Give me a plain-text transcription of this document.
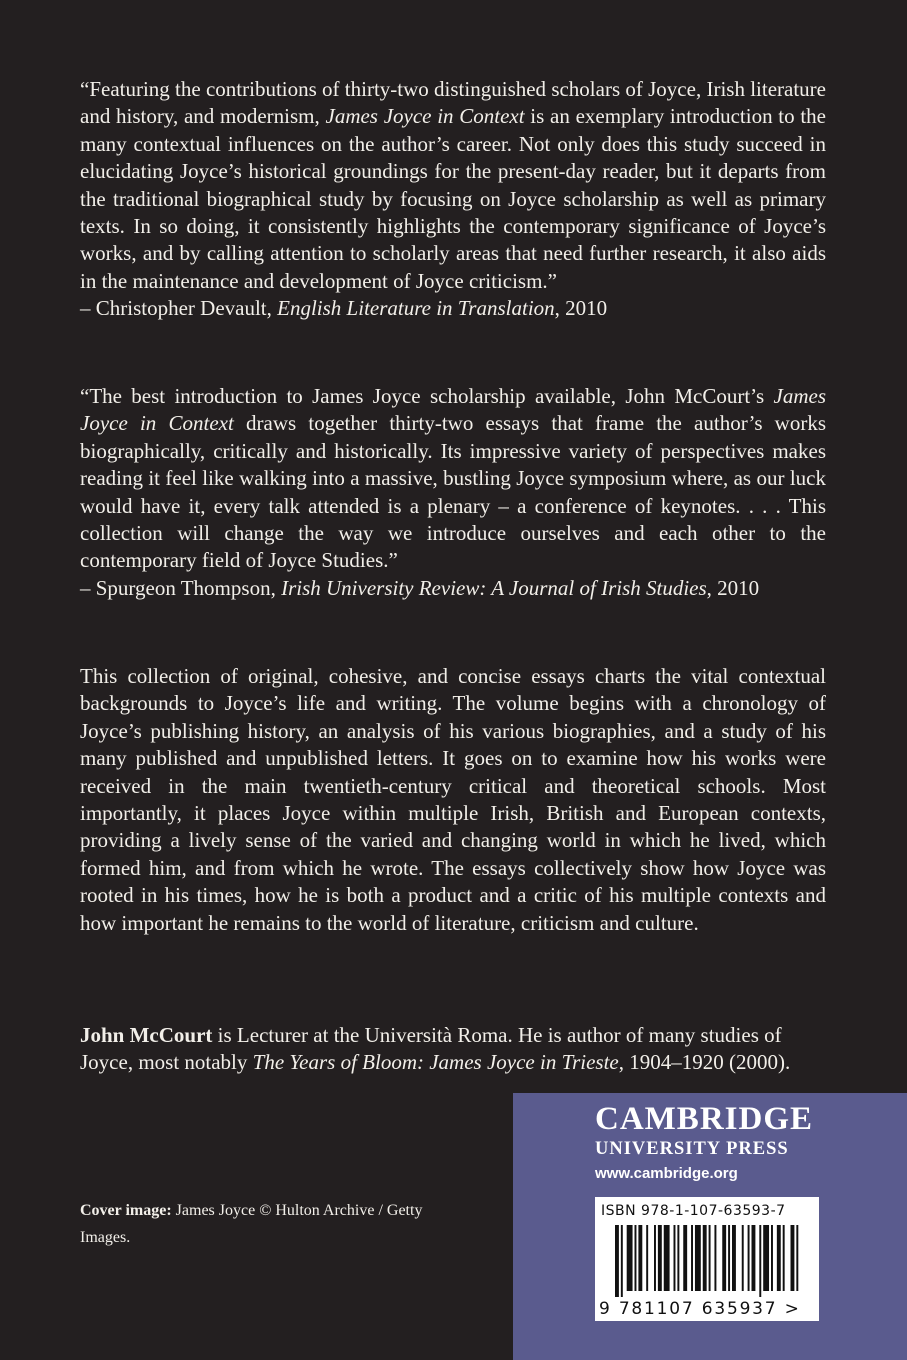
“Featuring the contributions of thirty-two distinguished scholars of Joyce, Irish literature and history, and modernism, James Joyce in Context is an exemplary introduction to the many contextual influences on the author’s career. Not only does this study succeed in elucidating Joyce’s historical groundings for the present-day reader, but it departs from the traditional biographical study by focusing on Joyce scholarship as well as primary texts. In so doing, it consistently highlights the contemporary significance of Joyce’s works, and by calling attention to scholarly areas that need further research, it also aids in the maintenance and development of Joyce criticism.”
– Christopher Devault, English Literature in Translation, 2010

“The best introduction to James Joyce scholarship available, John McCourt’s James Joyce in Context draws together thirty-two essays that frame the author’s works biographically, critically and historically. Its impressive variety of perspectives makes reading it feel like walking into a massive, bustling Joyce symposium where, as our luck would have it, every talk attended is a plenary – a conference of keynotes. . . . This collection will change the way we introduce ourselves and each other to the contemporary field of Joyce Studies.”
– Spurgeon Thompson, Irish University Review: A Journal of Irish Studies, 2010

This collection of original, cohesive, and concise essays charts the vital contextual backgrounds to Joyce’s life and writing. The volume begins with a chronology of Joyce’s publishing history, an analysis of his various biographies, and a study of his many published and unpublished letters. It goes on to examine how his works were received in the main twentieth-century critical and theoretical schools. Most importantly, it places Joyce within multiple Irish, British and European contexts, providing a lively sense of the varied and changing world in which he lived, which formed him, and from which he wrote. The essays collectively show how Joyce was rooted in his times, how he is both a product and a critic of his multiple contexts and how important he remains to the world of literature, criticism and culture.

John McCourt is Lecturer at the Università Roma. He is author of many studies of Joyce, most notably The Years of Bloom: James Joyce in Trieste, 1904–1920 (2000).

Cover image: James Joyce © Hulton Archive / Getty Images.

CAMBRIDGE

UNIVERSITY PRESS

www.cambridge.org

ISBN 978-1-107-63593-7

9 781107 635937 >
